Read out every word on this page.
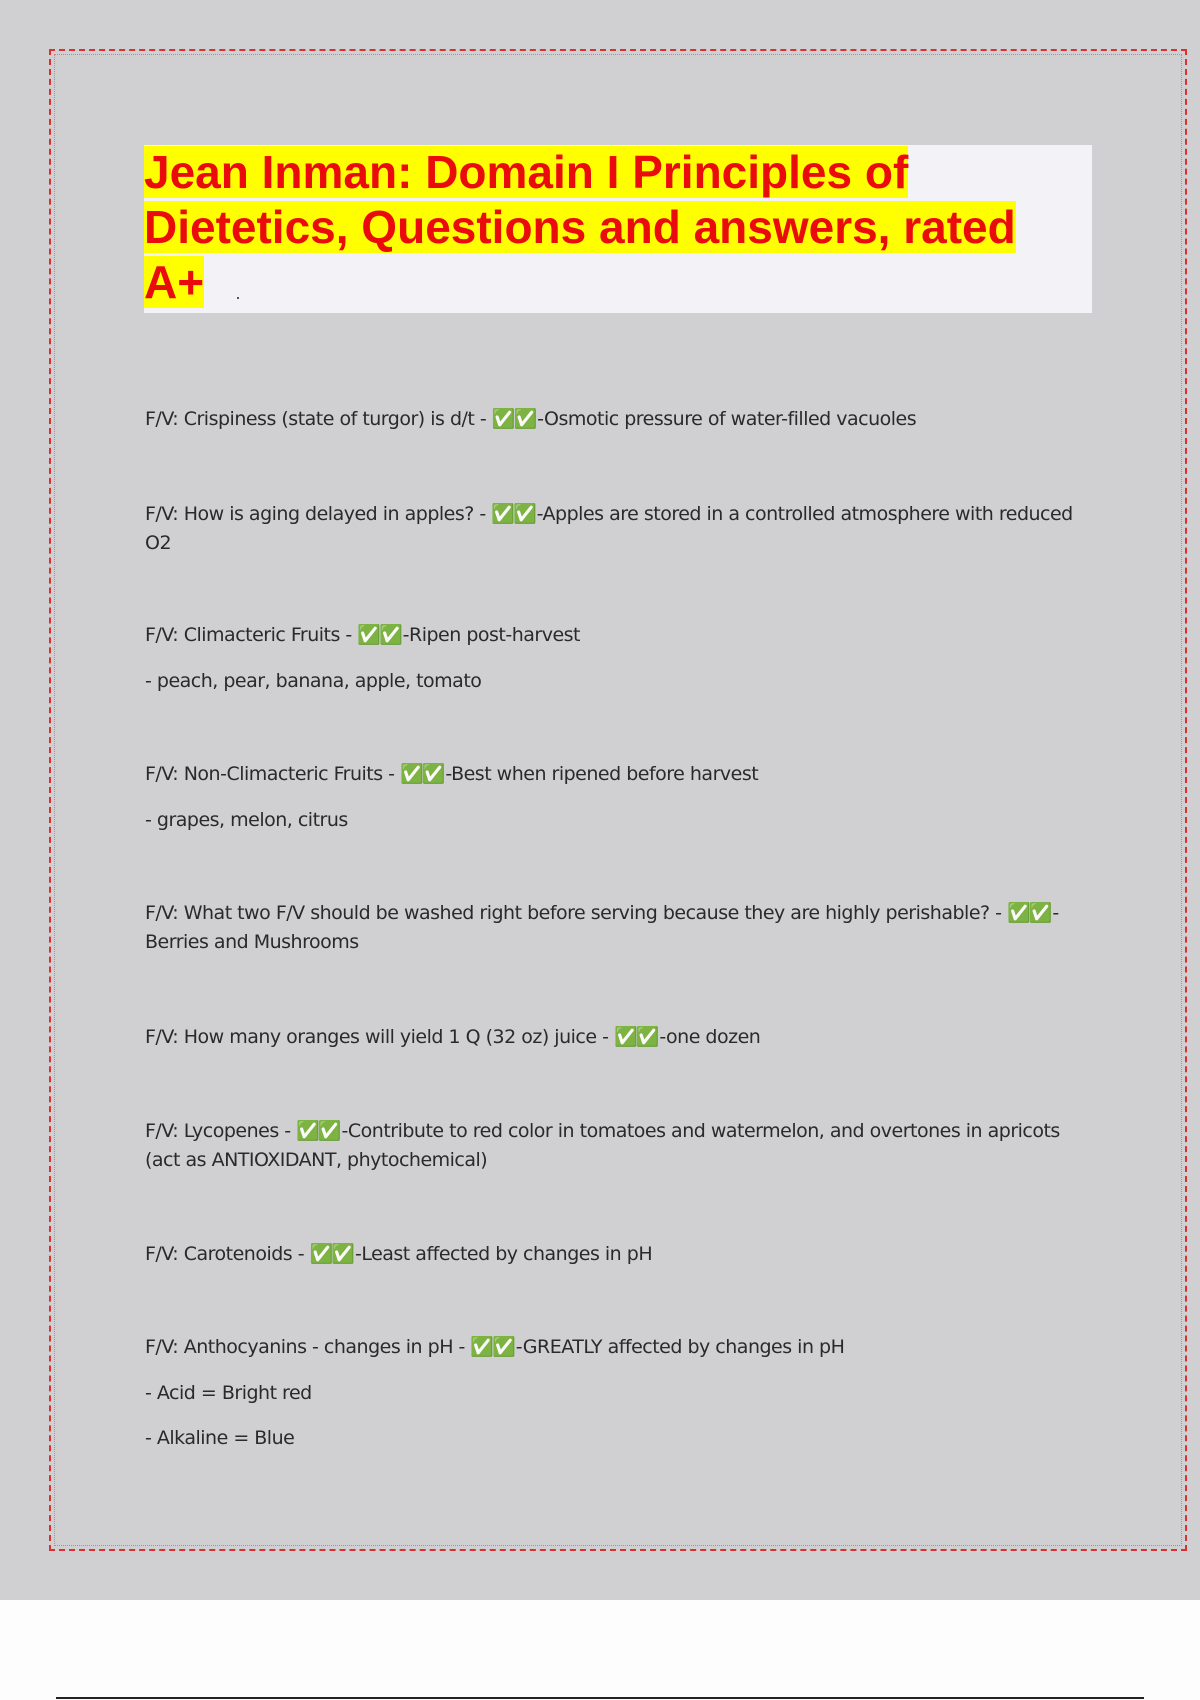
Jean Inman: Domain I Principles of
Dietetics, Questions and answers, rated
A+

F/V: Crispiness (state of turgor) is d/t - ✅✅ -Osmotic pressure of water-filled vacuoles

F/V: How is aging delayed in apples? - ✅✅ -Apples are stored in a controlled atmosphere with reduced O2

F/V: Climacteric Fruits - ✅✅ -Ripen post-harvest

- peach, pear, banana, apple, tomato

F/V: Non-Climacteric Fruits - ✅✅ -Best when ripened before harvest

- grapes, melon, citrus

F/V: What two F/V should be washed right before serving because they are highly perishable? - ✅✅ -Berries and Mushrooms

F/V: How many oranges will yield 1 Q (32 oz) juice - ✅✅ -one dozen

F/V: Lycopenes - ✅✅ -Contribute to red color in tomatoes and watermelon, and overtones in apricots (act as ANTIOXIDANT, phytochemical)

F/V: Carotenoids - ✅✅ -Least affected by changes in pH

F/V: Anthocyanins - changes in pH - ✅✅ -GREATLY affected by changes in pH

- Acid = Bright red

- Alkaline = Blue
